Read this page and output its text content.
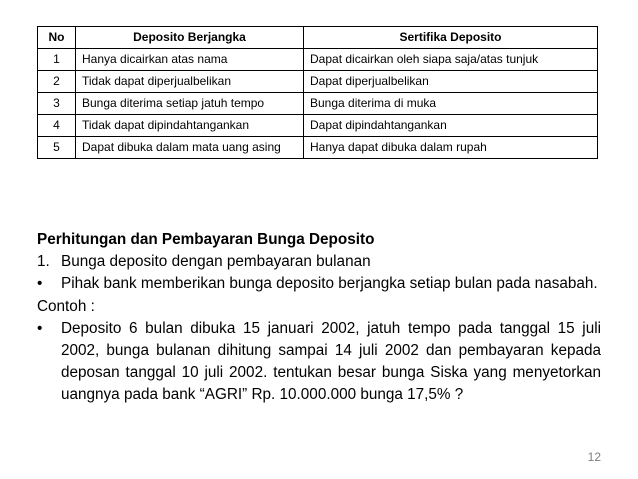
No	Deposito Berjangka	Sertifika Deposito
1	Hanya dicairkan atas nama	Dapat dicairkan oleh siapa saja/atas tunjuk
2	Tidak dapat diperjualbelikan	Dapat diperjualbelikan
3	Bunga diterima setiap jatuh tempo	Bunga diterima di muka
4	Tidak dapat dipindahtangankan	Dapat dipindahtangankan
5	Dapat dibuka dalam mata uang asing	Hanya dapat dibuka dalam rupah

Perhitungan dan Pembayaran Bunga Deposito

1. Bunga deposito dengan pembayaran bulanan

• Pihak bank memberikan bunga deposito berjangka setiap bulan pada nasabah.

Contoh :

• Deposito 6 bulan dibuka 15 januari 2002, jatuh tempo pada tanggal 15 juli 2002, bunga bulanan dihitung sampai 14 juli 2002 dan pembayaran kepada deposan tanggal 10 juli 2002. tentukan besar bunga Siska yang menyetorkan uangnya pada bank “AGRI” Rp. 10.000.000 bunga 17,5% ?

12
